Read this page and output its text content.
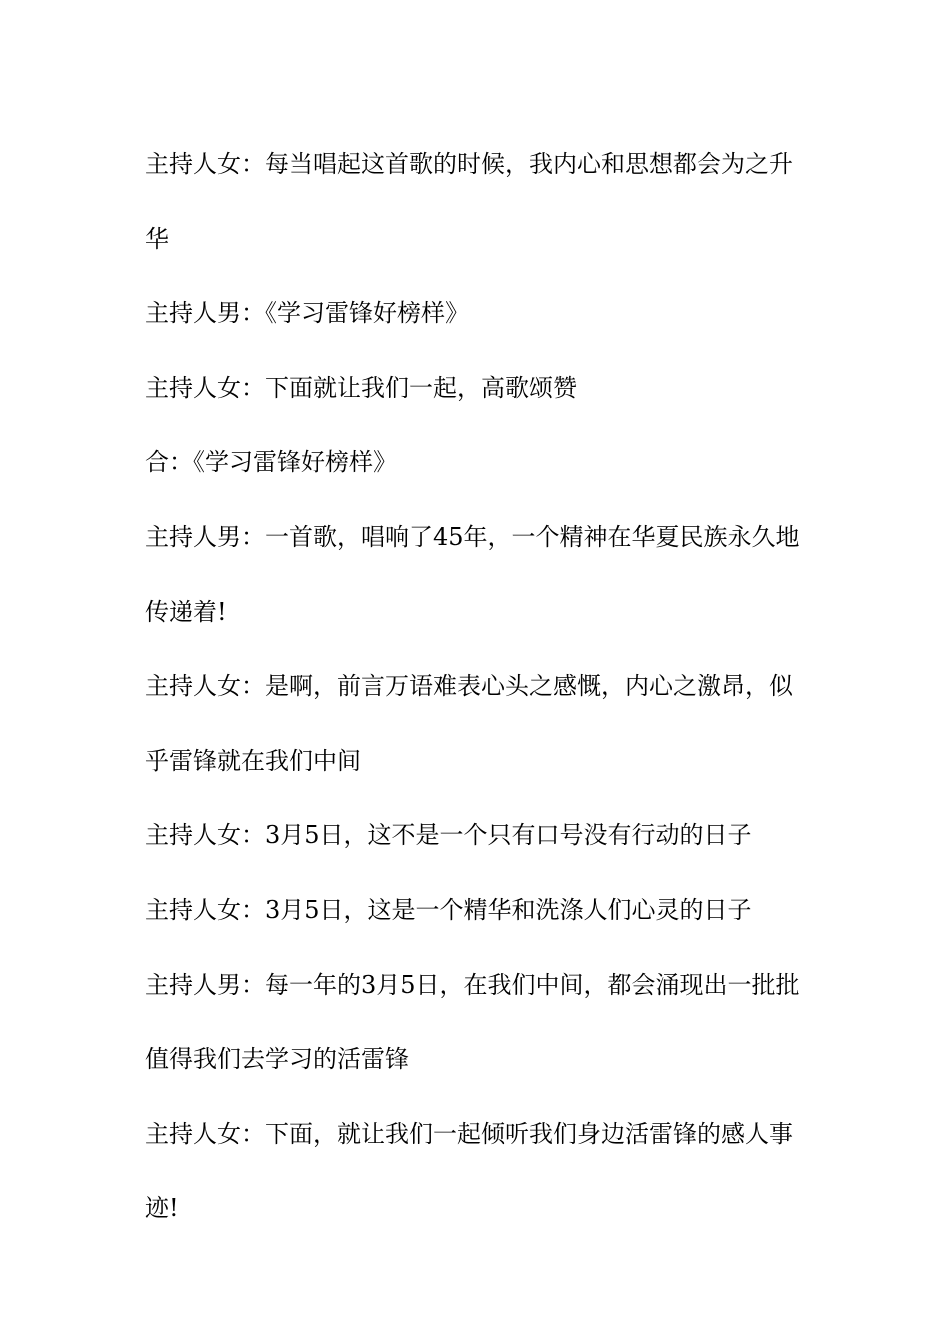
主持人女：每当唱起这首歌的时候，我内心和思想都会为之升华

主持人男：《学习雷锋好榜样》

主持人女：下面就让我们一起，高歌颂赞

合：《学习雷锋好榜样》

主持人男：一首歌，唱响了45年，一个精神在华夏民族永久地传递着!

主持人女：是啊，前言万语难表心头之感慨，内心之激昂，似乎雷锋就在我们中间

主持人女：3月5日，这不是一个只有口号没有行动的日子

主持人女：3月5日，这是一个精华和洗涤人们心灵的日子

主持人男：每一年的3月5日，在我们中间，都会涌现出一批批值得我们去学习的活雷锋

主持人女：下面，就让我们一起倾听我们身边活雷锋的感人事迹!
